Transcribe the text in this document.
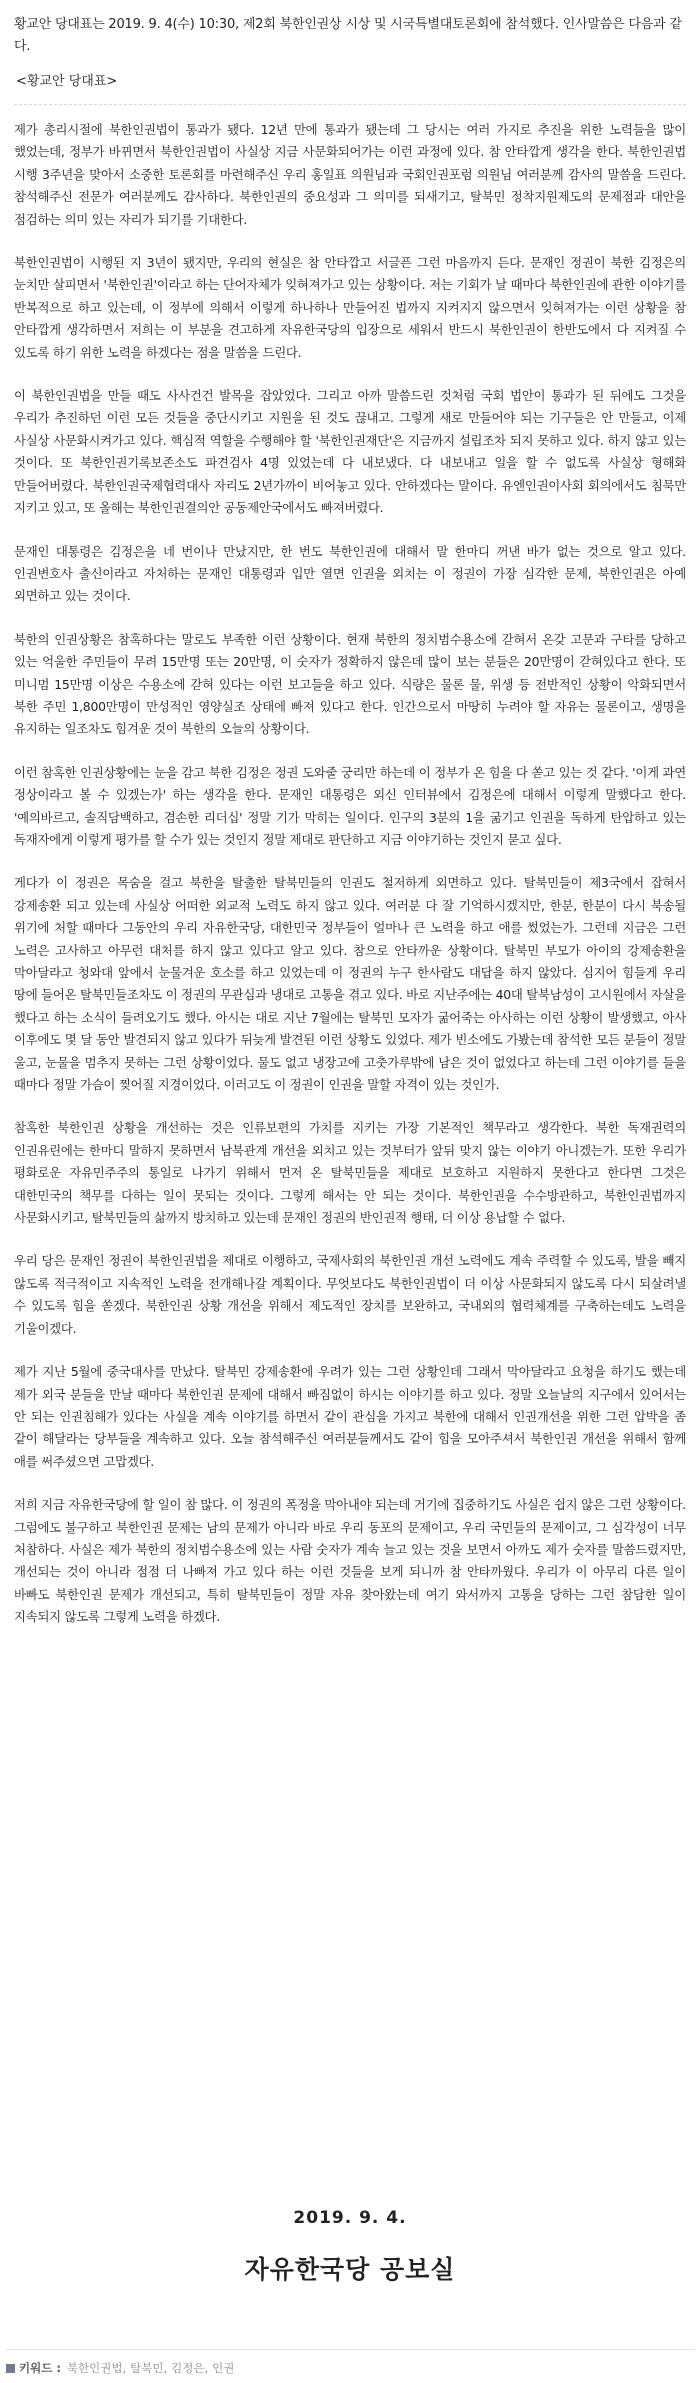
황교안 당대표는 2019. 9. 4(수) 10:30, 제2회 북한인권상 시상 및 시국특별대토론회에 참석했다. 인사말씀은 다음과 같다.

<황교안 당대표>

제가 총리시절에 북한인권법이 통과가 됐다. 12년 만에 통과가 됐는데 그 당시는 여러 가지로 추진을 위한 노력들을 많이 했었는데, 정부가 바뀌면서 북한인권법이 사실상 지금 사문화되어가는 이런 과정에 있다. 참 안타깝게 생각을 한다. 북한인권법 시행 3주년을 맞아서 소중한 토론회를 마련해주신 우리 홍일표 의원님과 국회인권포럼 의원님 여러분께 감사의 말씀을 드린다. 참석해주신 전문가 여러분께도 감사하다. 북한인권의 중요성과 그 의미를 되새기고, 탈북민 정착지원제도의 문제점과 대안을 점검하는 의미 있는 자리가 되기를 기대한다.

북한인권법이 시행된 지 3년이 됐지만, 우리의 현실은 참 안타깝고 서글픈 그런 마음까지 든다. 문재인 정권이 북한 김정은의 눈치만 살피면서 '북한인권'이라고 하는 단어자체가 잊혀져가고 있는 상황이다. 저는 기회가 날 때마다 북한인권에 관한 이야기를 반복적으로 하고 있는데, 이 정부에 의해서 이렇게 하나하나 만들어진 법까지 지켜지지 않으면서 잊혀져가는 이런 상황을 참 안타깝게 생각하면서 저희는 이 부분을 견고하게 자유한국당의 입장으로 세워서 반드시 북한인권이 한반도에서 다 지켜질 수 있도록 하기 위한 노력을 하겠다는 점을 말씀을 드린다.

이 북한인권법을 만들 때도 사사건건 발목을 잡았었다. 그리고 아까 말씀드린 것처럼 국회 법안이 통과가 된 뒤에도 그것을 우리가 추진하던 이런 모든 것들을 중단시키고 지원을 된 것도 끊내고. 그렇게 새로 만들어야 되는 기구들은 안 만들고, 이제 사실상 사문화시켜가고 있다. 핵심적 역할을 수행해야 할 '북한인권재단'은 지금까지 설립조차 되지 못하고 있다. 하지 않고 있는 것이다. 또 북한인권기록보존소도 파견검사 4명 있었는데 다 내보냈다. 다 내보내고 일을 할 수 없도록 사실상 형해화 만들어버렸다. 북한인권국제협력대사 자리도 2년가까이 비어놓고 있다. 안하겠다는 말이다. 유엔인권이사회 회의에서도 침묵만 지키고 있고, 또 올해는 북한인권결의안 공동제안국에서도 빠져버렸다.

문재인 대통령은 김정은을 네 번이나 만났지만, 한 번도 북한인권에 대해서 말 한마디 꺼낸 바가 없는 것으로 알고 있다. 인권변호사 출신이라고 자처하는 문재인 대통령과 입만 열면 인권을 외치는 이 정권이 가장 심각한 문제, 북한인권은 아예 외면하고 있는 것이다.

북한의 인권상황은 참혹하다는 말로도 부족한 이런 상황이다. 현재 북한의 정치범수용소에 갇혀서 온갖 고문과 구타를 당하고 있는 억울한 주민들이 무려 15만명 또는 20만명, 이 숫자가 정확하지 않은데 많이 보는 분들은 20만명이 갇혀있다고 한다. 또 미니멈 15만명 이상은 수용소에 갇혀 있다는 이런 보고들을 하고 있다. 식량은 물론 물, 위생 등 전반적인 상황이 악화되면서 북한 주민 1,800만명이 만성적인 영양실조 상태에 빠져 있다고 한다. 인간으로서 마땅히 누려야 할 자유는 물론이고, 생명을 유지하는 일조차도 힘겨운 것이 북한의 오늘의 상황이다.

이런 참혹한 인권상황에는 눈을 감고 북한 김정은 정권 도와줄 궁리만 하는데 이 정부가 온 힘을 다 쏟고 있는 것 같다. '이게 과연 정상이라고 볼 수 있겠는가' 하는 생각을 한다. 문재인 대통령은 외신 인터뷰에서 김정은에 대해서 이렇게 말했다고 한다. '예의바르고, 솔직담백하고, 겸손한 리더십' 정말 기가 막히는 일이다. 인구의 3분의 1을 굶기고 인권을 독하게 탄압하고 있는 독재자에게 이렇게 평가를 할 수가 있는 것인지 정말 제대로 판단하고 지금 이야기하는 것인지 묻고 싶다.

게다가 이 정권은 목숨을 걸고 북한을 탈출한 탈북민들의 인권도 철저하게 외면하고 있다. 탈북민들이 제3국에서 잡혀서 강제송환 되고 있는데 사실상 어떠한 외교적 노력도 하지 않고 있다. 여러분 다 잘 기억하시겠지만, 한분, 한분이 다시 북송될 위기에 처할 때마다 그동안의 우리 자유한국당, 대한민국 정부들이 얼마나 큰 노력을 하고 애를 썼었는가. 그런데 지금은 그런 노력은 고사하고 아무런 대처를 하지 않고 있다고 알고 있다. 참으로 안타까운 상황이다. 탈북민 부모가 아이의 강제송환을 막아달라고 청와대 앞에서 눈물겨운 호소를 하고 있었는데 이 정권의 누구 한사람도 대답을 하지 않았다. 심지어 힘들게 우리 땅에 들어온 탈북민들조차도 이 정권의 무관심과 냉대로 고통을 겪고 있다. 바로 지난주에는 40대 탈북남성이 고시원에서 자살을 했다고 하는 소식이 들려오기도 했다. 아시는 대로 지난 7월에는 탈북민 모자가 굶어죽는 아사하는 이런 상황이 발생했고, 아사 이후에도 몇 달 동안 발견되지 않고 있다가 뒤늦게 발견된 이런 상황도 있었다. 제가 빈소에도 가봤는데 참석한 모든 분들이 정말 울고, 눈물을 멈추지 못하는 그런 상황이었다. 물도 없고 냉장고에 고춧가루밖에 남은 것이 없었다고 하는데 그런 이야기를 들을 때마다 정말 가슴이 찢어질 지경이었다. 이러고도 이 정권이 인권을 말할 자격이 있는 것인가.

참혹한 북한인권 상황을 개선하는 것은 인류보편의 가치를 지키는 가장 기본적인 책무라고 생각한다. 북한 독재권력의 인권유린에는 한마디 말하지 못하면서 남북관계 개선을 외치고 있는 것부터가 앞뒤 맞지 않는 이야기 아니겠는가. 또한 우리가 평화로운 자유민주주의 통일로 나가기 위해서 먼저 온 탈북민들을 제대로 보호하고 지원하지 못한다고 한다면 그것은 대한민국의 책무를 다하는 일이 못되는 것이다. 그렇게 해서는 안 되는 것이다. 북한인권을 수수방관하고, 북한인권법까지 사문화시키고, 탈북민들의 삶까지 방치하고 있는데 문재인 정권의 반인권적 행태, 더 이상 용납할 수 없다.

우리 당은 문재인 정권이 북한인권법을 제대로 이행하고, 국제사회의 북한인권 개선 노력에도 계속 주력할 수 있도록, 발을 빼지 않도록 적극적이고 지속적인 노력을 전개해나갈 계획이다. 무엇보다도 북한인권법이 더 이상 사문화되지 않도록 다시 되살려낼 수 있도록 힘을 쏟겠다. 북한인권 상황 개선을 위해서 제도적인 장치를 보완하고, 국내외의 협력체계를 구축하는데도 노력을 기울이겠다.

제가 지난 5월에 중국대사를 만났다. 탈북민 강제송환에 우려가 있는 그런 상황인데 그래서 막아달라고 요청을 하기도 했는데 제가 외국 분들을 만날 때마다 북한인권 문제에 대해서 빠짐없이 하시는 이야기를 하고 있다. 정말 오늘날의 지구에서 있어서는 안 되는 인권침해가 있다는 사실을 계속 이야기를 하면서 같이 관심을 가지고 북한에 대해서 인권개선을 위한 그런 압박을 좀 같이 해달라는 당부들을 계속하고 있다. 오늘 참석해주신 여러분들께서도 같이 힘을 모아주셔서 북한인권 개선을 위해서 함께 애를 써주셨으면 고맙겠다.

저희 지금 자유한국당에 할 일이 참 많다. 이 정권의 폭정을 막아내야 되는데 거기에 집중하기도 사실은 쉽지 않은 그런 상황이다. 그럼에도 불구하고 북한인권 문제는 남의 문제가 아니라 바로 우리 동포의 문제이고, 우리 국민들의 문제이고, 그 심각성이 너무 처참하다. 사실은 제가 북한의 정치범수용소에 있는 사람 숫자가 계속 늘고 있는 것을 보면서 아까도 제가 숫자를 말씀드렸지만, 개선되는 것이 아니라 점점 더 나빠져 가고 있다 하는 이런 것들을 보게 되니까 참 안타까웠다. 우리가 이 아무리 다른 일이 바빠도 북한인권 문제가 개선되고, 특히 탈북민들이 정말 자유 찾아왔는데 여기 와서까지 고통을 당하는 그런 참담한 일이 지속되지 않도록 그렇게 노력을 하겠다.

2019. 9. 4.
자유한국당 공보실
키워드 : 북한인권법 , 탈북민 , 김정은 , 인권
